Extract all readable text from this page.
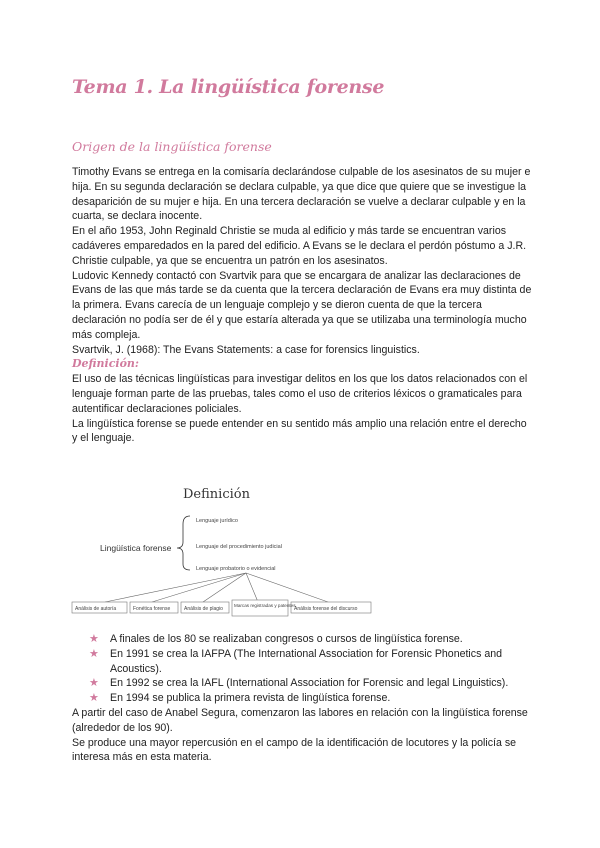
Tema 1. La lingüística forense
Origen de la lingüística forense

Timothy Evans se entrega en la comisaría declarándose culpable de los asesinatos de su mujer e hija. En su segunda declaración se declara culpable, ya que dice que quiere que se investigue la desaparición de su mujer e hija. En una tercera declaración se vuelve a declarar culpable y en la cuarta, se declara inocente.

En el año 1953, John Reginald Christie se muda al edificio y más tarde se encuentran varios cadáveres emparedados en la pared del edificio. A Evans se le declara el perdón póstumo a J.R. Christie culpable, ya que se encuentra un patrón en los asesinatos.

Ludovic Kennedy contactó con Svartvik para que se encargara de analizar las declaraciones de Evans de las que más tarde se da cuenta que la tercera declaración de Evans era muy distinta de la primera. Evans carecía de un lenguaje complejo y se dieron cuenta de que la tercera declaración no podía ser de él y que estaría alterada ya que se utilizaba una terminología mucho más compleja.

Svartvik, J. (1968): The Evans Statements: a case for forensics linguistics.

Definición:

El uso de las técnicas lingüísticas para investigar delitos en los que los datos relacionados con el lenguaje forman parte de las pruebas, tales como el uso de criterios léxicos o gramaticales para autentificar declaraciones policiales.

La lingüística forense se puede entender en su sentido más amplio una relación entre el derecho y el lenguaje.

Definición
Lingüística forense
Lenguaje jurídico
Lenguaje del procedimiento judicial
Lenguaje probatorio o evidencial
Análisis de autoría	Fonética forense	Análisis de plagio
Marcas registradas y patentes
Análisis forense del discurso
★ A finales de los 80 se realizaban congresos o cursos de lingüística forense.
★ En 1991 se crea la IAFPA (The International Association for Forensic Phonetics and Acoustics).
★ En 1992 se crea la IAFL (International Association for Forensic and legal Linguistics).
★ En 1994 se publica la primera revista de lingüística forense.

A partir del caso de Anabel Segura, comenzaron las labores en relación con la lingüística forense (alrededor de los 90).

Se produce una mayor repercusión en el campo de la identificación de locutores y la policía se interesa más en esta materia.
